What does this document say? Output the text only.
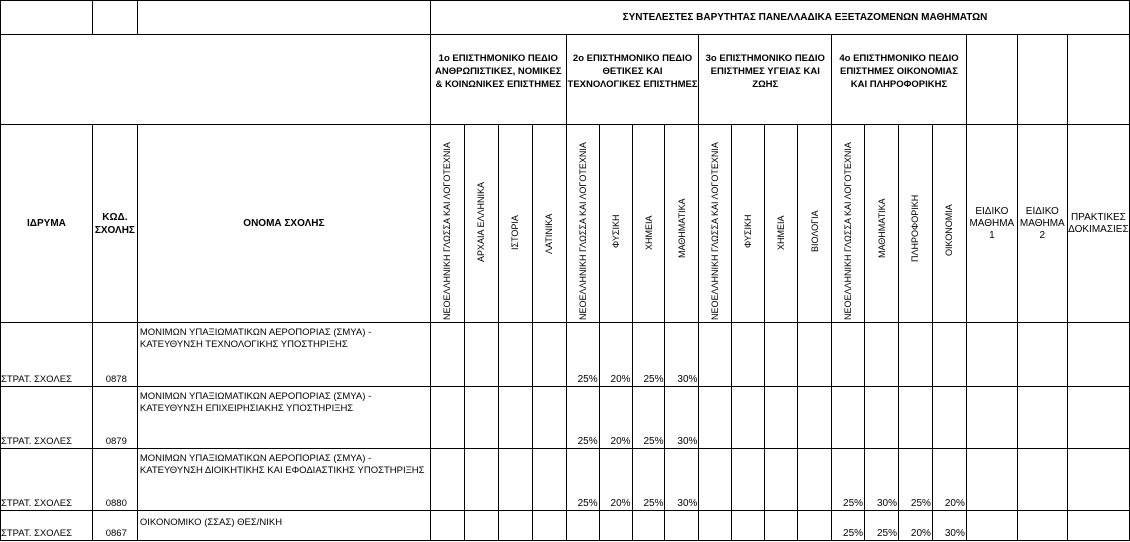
			ΣΥΝΤΕΛΕΣΤΕΣ ΒΑΡΥΤΗΤΑΣ ΠΑΝΕΛΛΑΔΙΚΑ ΕΞΕΤΑΖΟΜΕΝΩΝ ΜΑΘΗΜΑΤΩΝ																		
			1ο ΕΠΙΣΤΗΜΟΝΙΚΟ ΠΕΔΙΟ ΑΝΘΡΩΠΙΣΤΙΚΕΣ, ΝΟΜΙΚΕΣ & ΚΟΙΝΩΝΙΚΕΣ ΕΠΙΣΤΗΜΕΣ				2ο ΕΠΙΣΤΗΜΟΝΙΚΟ ΠΕΔΙΟ ΘΕΤΙΚΕΣ ΚΑΙ ΤΕΧΝΟΛΟΓΙΚΕΣ ΕΠΙΣΤΗΜΕΣ				3ο ΕΠΙΣΤΗΜΟΝΙΚΟ ΠΕΔΙΟ ΕΠΙΣΤΗΜΕΣ ΥΓΕΙΑΣ ΚΑΙ ΖΩΗΣ				4ο ΕΠΙΣΤΗΜΟΝΙΚΟ ΠΕΔΙΟ ΕΠΙΣΤΗΜΕΣ ΟΙΚΟΝΟΜΙΑΣ ΚΑΙ ΠΛΗΡΟΦΟΡΙΚΗΣ						
ΙΔΡΥΜΑ	ΚΩΔ. ΣΧΟΛΗΣ	ΟΝΟΜΑ ΣΧΟΛΗΣ	ΝΕΟΕΛΛΗΝΙΚΗ ΓΛΩΣΣΑ ΚΑΙ ΛΟΓΟΤΕΧΝΙΑ	ΑΡΧΑΙΑ ΕΛΛΗΝΙΚΑ	ΙΣΤΟΡΙΑ	ΛΑΤΙΝΙΚΑ	ΝΕΟΕΛΛΗΝΙΚΗ ΓΛΩΣΣΑ ΚΑΙ ΛΟΓΟΤΕΧΝΙΑ	ΦΥΣΙΚΗ	ΧΗΜΕΙΑ	ΜΑΘΗΜΑΤΙΚΑ	ΝΕΟΕΛΛΗΝΙΚΗ ΓΛΩΣΣΑ ΚΑΙ ΛΟΓΟΤΕΧΝΙΑ	ΦΥΣΙΚΗ	ΧΗΜΕΙΑ	ΒΙΟΛΟΓΙΑ	ΝΕΟΕΛΛΗΝΙΚΗ ΓΛΩΣΣΑ ΚΑΙ ΛΟΓΟΤΕΧΝΙΑ	ΜΑΘΗΜΑΤΙΚΑ	ΠΛΗΡΟΦΟΡΙΚΗ	ΟΙΚΟΝΟΜΙΑ	ΕΙΔΙΚΟ ΜΑΘΗΜΑ 1	ΕΙΔΙΚΟ ΜΑΘΗΜΑ 2	ΠΡΑΚΤΙΚΕΣ ΔΟΚΙΜΑΣΙΕΣ
ΣΤΡΑΤ. ΣΧΟΛΕΣ	0878	ΜΟΝΙΜΩΝ ΥΠΑΞΙΩΜΑΤΙΚΩΝ ΑΕΡΟΠΟΡΙΑΣ (ΣΜΥΑ) -
ΚΑΤΕΥΘΥΝΣΗ ΤΕΧΝΟΛΟΓΙΚΗΣ ΥΠΟΣΤΗΡΙΞΗΣ					25%	20%	25%	30%											
ΣΤΡΑΤ. ΣΧΟΛΕΣ	0879	ΜΟΝΙΜΩΝ ΥΠΑΞΙΩΜΑΤΙΚΩΝ ΑΕΡΟΠΟΡΙΑΣ (ΣΜΥΑ) -
ΚΑΤΕΥΘΥΝΣΗ ΕΠΙΧΕΙΡΗΣΙΑΚΗΣ ΥΠΟΣΤΗΡΙΞΗΣ					25%	20%	25%	30%											
ΣΤΡΑΤ. ΣΧΟΛΕΣ	0880	ΜΟΝΙΜΩΝ ΥΠΑΞΙΩΜΑΤΙΚΩΝ ΑΕΡΟΠΟΡΙΑΣ (ΣΜΥΑ) -
ΚΑΤΕΥΘΥΝΣΗ ΔΙΟΙΚΗΤΙΚΗΣ ΚΑΙ ΕΦΟΔΙΑΣΤΙΚΗΣ ΥΠΟΣΤΗΡΙΞΗΣ					25%	20%	25%	30%					25%	30%	25%	20%			
ΣΤΡΑΤ. ΣΧΟΛΕΣ	0867	ΟΙΚΟΝΟΜΙΚΟ (ΣΣΑΣ) ΘΕΣ/ΝΙΚΗ													25%	25%	20%	30%			
